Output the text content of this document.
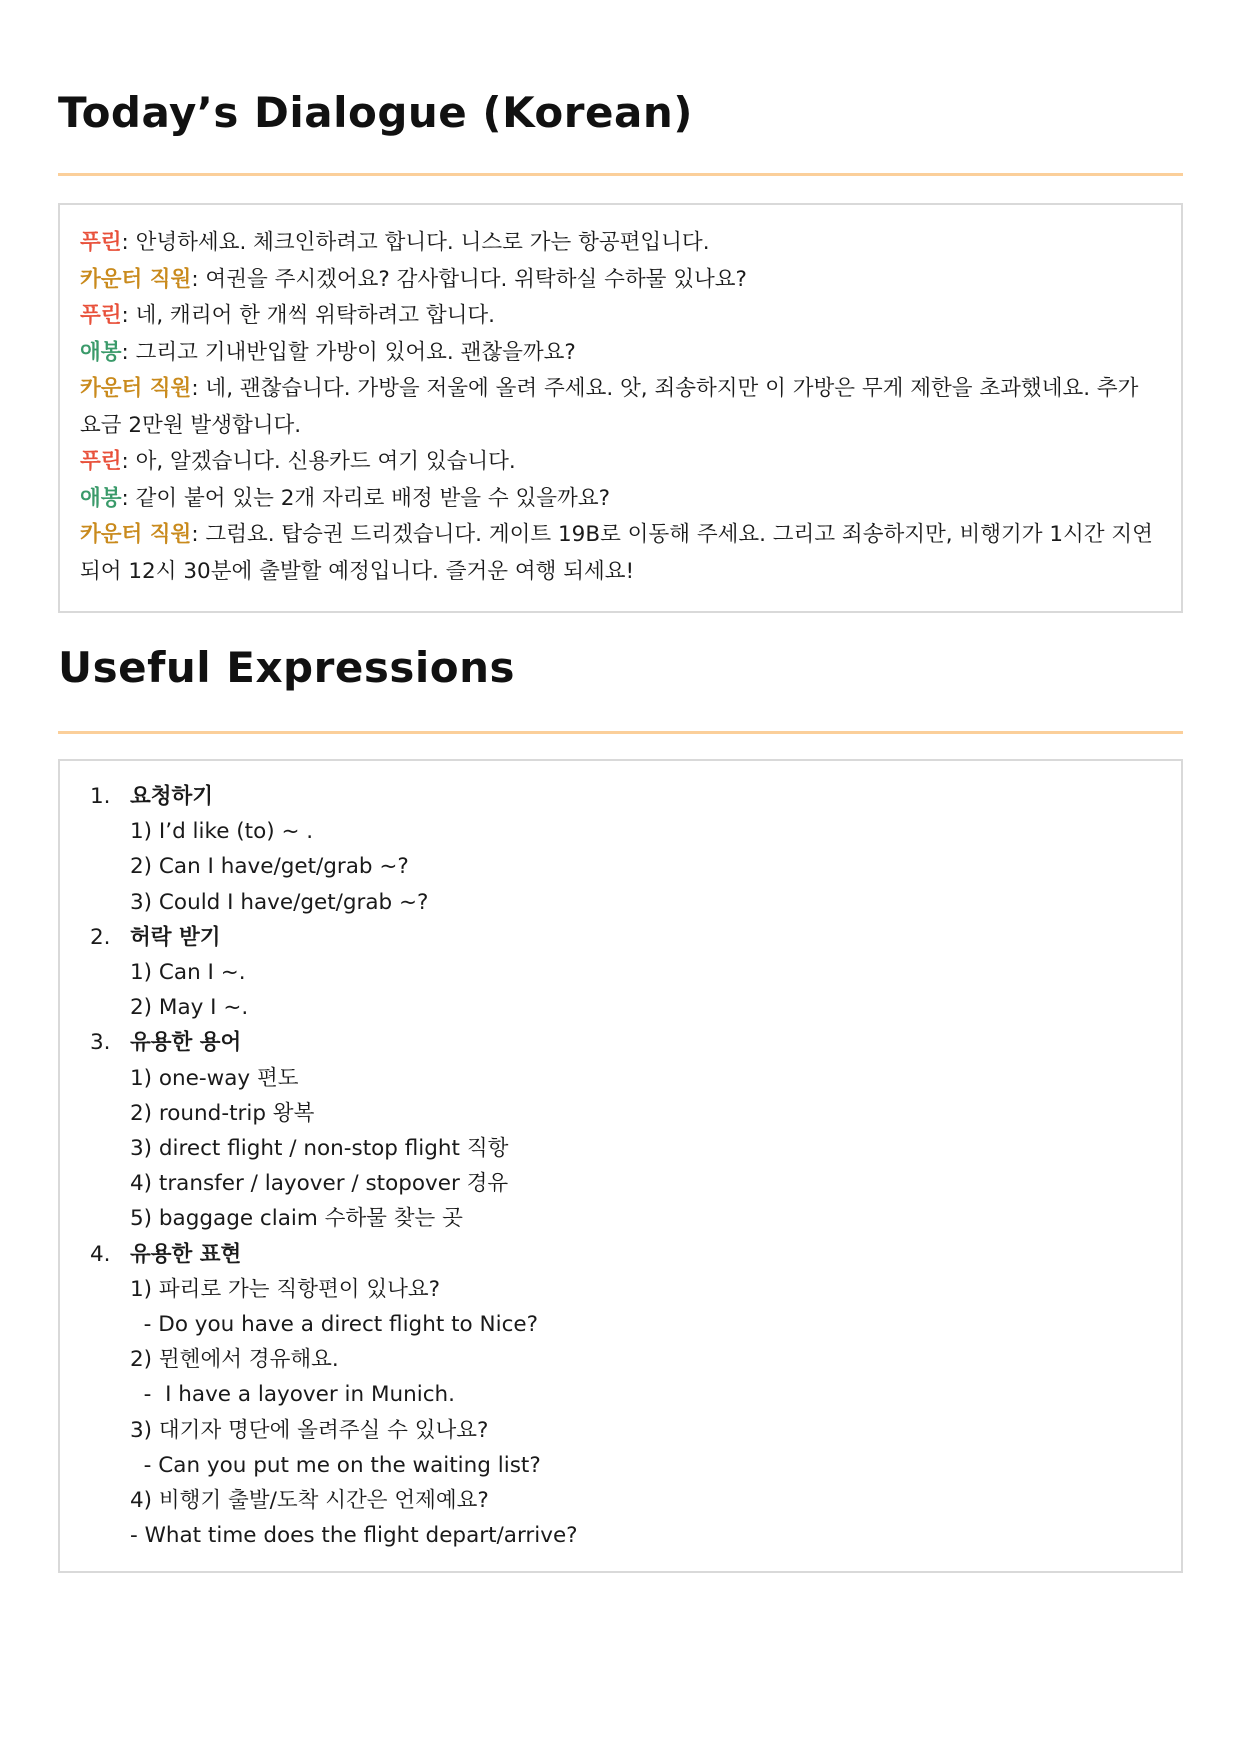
Today’s Dialogue (Korean)
푸린: 안녕하세요. 체크인하려고 합니다. 니스로 가는 항공편입니다.
카운터 직원: 여권을 주시겠어요? 감사합니다. 위탁하실 수하물 있나요?
푸린: 네, 캐리어 한 개씩 위탁하려고 합니다.
애봉: 그리고 기내반입할 가방이 있어요. 괜찮을까요?
카운터 직원: 네, 괜찮습니다. 가방을 저울에 올려 주세요. 앗, 죄송하지만 이 가방은 무게 제한을 초과했네요. 추가 요금 2만원 발생합니다.
푸린: 아, 알겠습니다. 신용카드 여기 있습니다.
애봉: 같이 붙어 있는 2개 자리로 배정 받을 수 있을까요?
카운터 직원: 그럼요. 탑승권 드리겠습니다. 게이트 19B로 이동해 주세요. 그리고 죄송하지만, 비행기가 1시간 지연되어 12시 30분에 출발할 예정입니다. 즐거운 여행 되세요!
Useful Expressions
1. 요청하기
1) I’d like (to) ~ .
2) Can I have/get/grab ~?
3) Could I have/get/grab ~?
2. 허락 받기
1) Can I ~.
2) May I ~.
3. 유용한 용어
1) one-way 편도
2) round-trip 왕복
3) direct flight / non-stop flight 직항
4) transfer / layover / stopover 경유
5) baggage claim 수하물 찾는 곳
4. 유용한 표현
1) 파리로 가는 직항편이 있나요?
- Do you have a direct flight to Nice?
2) 뮌헨에서 경유해요.
-  I have a layover in Munich.
3) 대기자 명단에 올려주실 수 있나요?
- Can you put me on the waiting list?
4) 비행기 출발/도착 시간은 언제예요?
- What time does the flight depart/arrive?
